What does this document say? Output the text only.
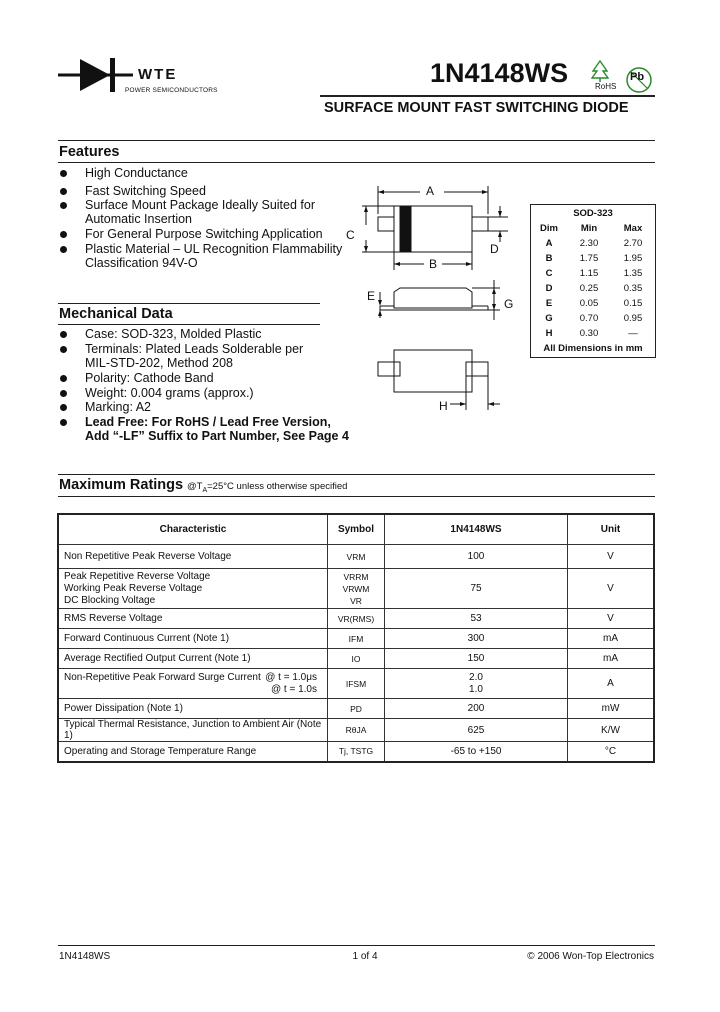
WTE
POWER SEMICONDUCTORS
1N4148WS	RoHS
Pb
SURFACE MOUNT FAST SWITCHING DIODE
Features
High Conductance
Fast Switching Speed
Surface Mount Package Ideally Suited for
Automatic Insertion
For General Purpose Switching Application
Plastic Material – UL Recognition Flammability
Classification 94V-O
Mechanical Data
Case: SOD-323, Molded Plastic
Terminals: Plated Leads Solderable per
MIL-STD-202, Method 208
Polarity: Cathode Band
Weight: 0.004 grams (approx.)
Marking: A2
Lead Free: For RoHS / Lead Free Version,
Add “-LF” Suffix to Part Number, See Page 4
A
C
D
B
E
G
H
SOD-323
Dim	Min	Max
A	2.30	2.70
B	1.75	1.95
C	1.15	1.35
D	0.25	0.35
E	0.05	0.15
G	0.70	0.95
H	0.30	—
All Dimensions in mm
Maximum Ratings $@T_A=25^\circ C$ unless otherwise specified
Characteristic	Symbol	1N4148WS	Unit
Non Repetitive Peak Reverse Voltage	VRM	100	V
Peak Repetitive Reverse Voltage
Working Peak Reverse Voltage
DC Blocking Voltage	VRRM
VRWM
VR	75	V
RMS Reverse Voltage	VR(RMS)	53	V
Forward Continuous Current (Note 1)	IFM	300	mA
Average Rectified Output Current (Note 1)	IO	150	mA

Non-Repetitive Peak Forward Surge Current @ t = 1.0μs
@ t = 1.0s	IFSM	2.0
1.0	A
Power Dissipation (Note 1)	PD	200	mW
Typical Thermal Resistance, Junction to Ambient Air (Note 1)	RθJA	625	K/W
Operating and Storage Temperature Range	Tj, TSTG	-65 to +150	°C
1N4148WS	1 of 4	© 2006 Won-Top Electronics
